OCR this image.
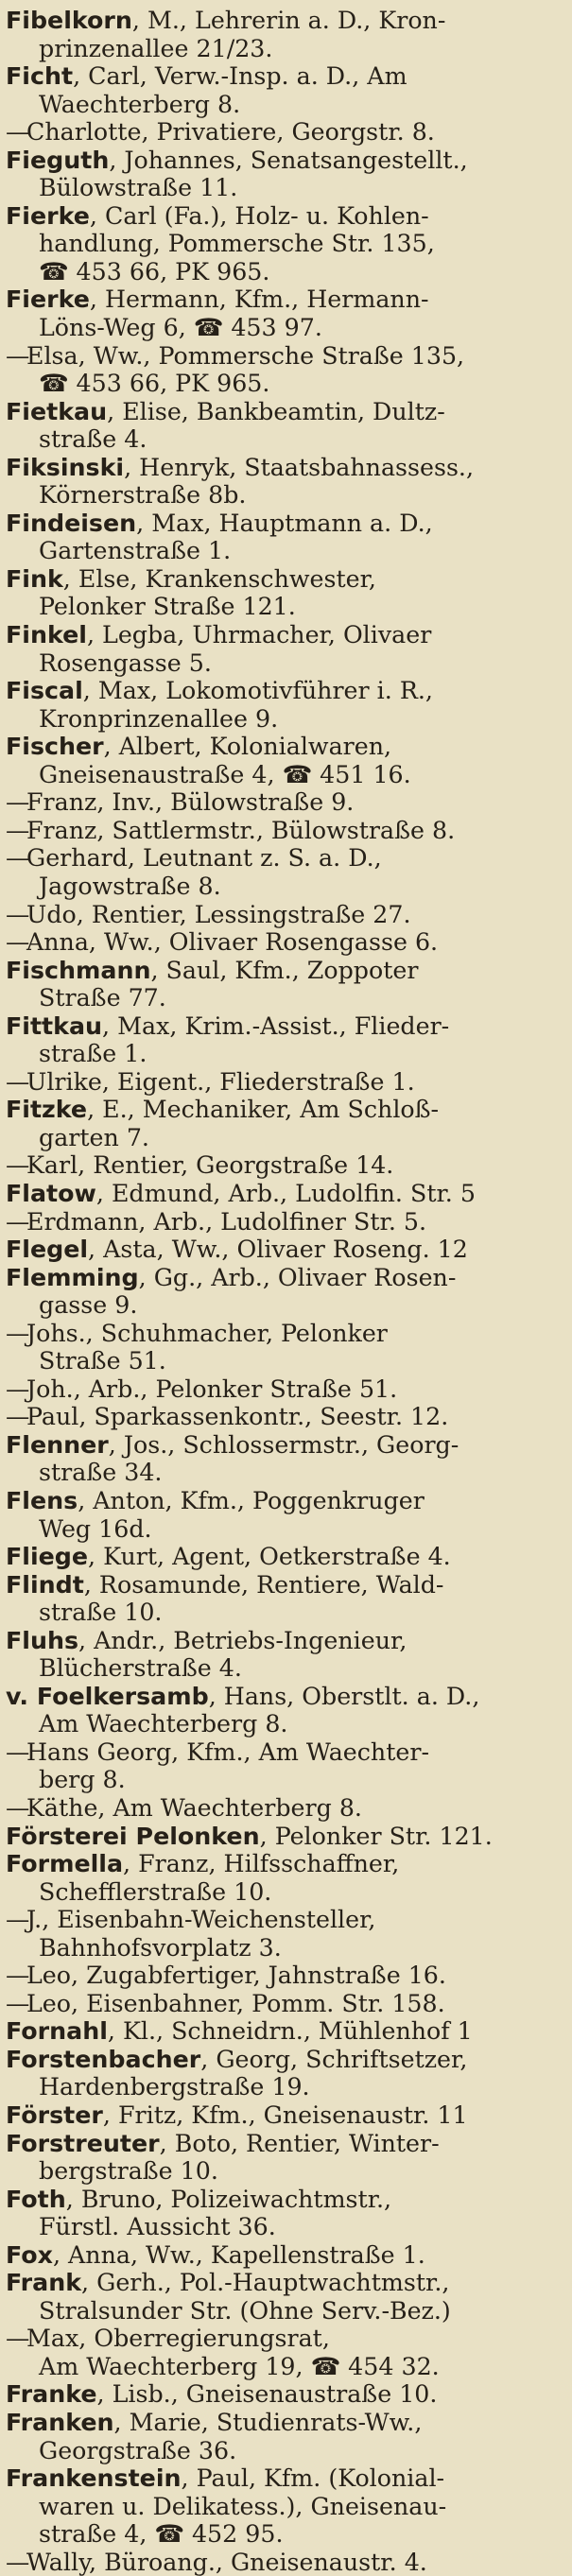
Fibelkorn, M., Lehrerin a. D., Kron-
prinzenallee 21/23.
Ficht, Carl, Verw.-Insp. a. D., Am
Waechterberg 8.
—Charlotte, Privatiere, Georgstr. 8.
Fieguth, Johannes, Senatsangestellt.,
Bülowstraße 11.
Fierke, Carl (Fa.), Holz- u. Kohlen-
handlung, Pommersche Str. 135,
☎ 453 66, PK 965.
Fierke, Hermann, Kfm., Hermann-
Löns-Weg 6, ☎ 453 97.
—Elsa, Ww., Pommersche Straße 135,
☎ 453 66, PK 965.
Fietkau, Elise, Bankbeamtin, Dultz-
straße 4.
Fiksinski, Henryk, Staatsbahnassess.,
Körnerstraße 8b.
Findeisen, Max, Hauptmann a. D.,
Gartenstraße 1.
Fink, Else, Krankenschwester,
Pelonker Straße 121.
Finkel, Legba, Uhrmacher, Olivaer
Rosengasse 5.
Fiscal, Max, Lokomotivführer i. R.,
Kronprinzenallee 9.
Fischer, Albert, Kolonialwaren,
Gneisenaustraße 4, ☎ 451 16.
—Franz, Inv., Bülowstraße 9.
—Franz, Sattlermstr., Bülowstraße 8.
—Gerhard, Leutnant z. S. a. D.,
Jagowstraße 8.
—Udo, Rentier, Lessingstraße 27.
—Anna, Ww., Olivaer Rosengasse 6.
Fischmann, Saul, Kfm., Zoppoter
Straße 77.
Fittkau, Max, Krim.-Assist., Flieder-
straße 1.
—Ulrike, Eigent., Fliederstraße 1.
Fitzke, E., Mechaniker, Am Schloß-
garten 7.
—Karl, Rentier, Georgstraße 14.
Flatow, Edmund, Arb., Ludolfin. Str. 5
—Erdmann, Arb., Ludolfiner Str. 5.
Flegel, Asta, Ww., Olivaer Roseng. 12
Flemming, Gg., Arb., Olivaer Rosen-
gasse 9.
—Johs., Schuhmacher, Pelonker
Straße 51.
—Joh., Arb., Pelonker Straße 51.
—Paul, Sparkassenkontr., Seestr. 12.
Flenner, Jos., Schlossermstr., Georg-
straße 34.
Flens, Anton, Kfm., Poggenkruger
Weg 16d.
Fliege, Kurt, Agent, Oetkerstraße 4.
Flindt, Rosamunde, Rentiere, Wald-
straße 10.
Fluhs, Andr., Betriebs-Ingenieur,
Blücherstraße 4.
v. Foelkersamb, Hans, Oberstlt. a. D.,
Am Waechterberg 8.
—Hans Georg, Kfm., Am Waechter-
berg 8.
—Käthe, Am Waechterberg 8.
Försterei Pelonken, Pelonker Str. 121.
Formella, Franz, Hilfsschaffner,
Schefflerstraße 10.
—J., Eisenbahn-Weichensteller,
Bahnhofsvorplatz 3.
—Leo, Zugabfertiger, Jahnstraße 16.
—Leo, Eisenbahner, Pomm. Str. 158.
Fornahl, Kl., Schneidrn., Mühlenhof 1
Forstenbacher, Georg, Schriftsetzer,
Hardenbergstraße 19.
Förster, Fritz, Kfm., Gneisenaustr. 11
Forstreuter, Boto, Rentier, Winter-
bergstraße 10.
Foth, Bruno, Polizeiwachtmstr.,
Fürstl. Aussicht 36.
Fox, Anna, Ww., Kapellenstraße 1.
Frank, Gerh., Pol.-Hauptwachtmstr.,
Stralsunder Str. (Ohne Serv.-Bez.)
—Max, Oberregierungsrat,
Am Waechterberg 19, ☎ 454 32.
Franke, Lisb., Gneisenaustraße 10.
Franken, Marie, Studienrats-Ww.,
Georgstraße 36.
Frankenstein, Paul, Kfm. (Kolonial-
waren u. Delikatess.), Gneisenau-
straße 4, ☎ 452 95.
—Wally, Büroang., Gneisenaustr. 4.
